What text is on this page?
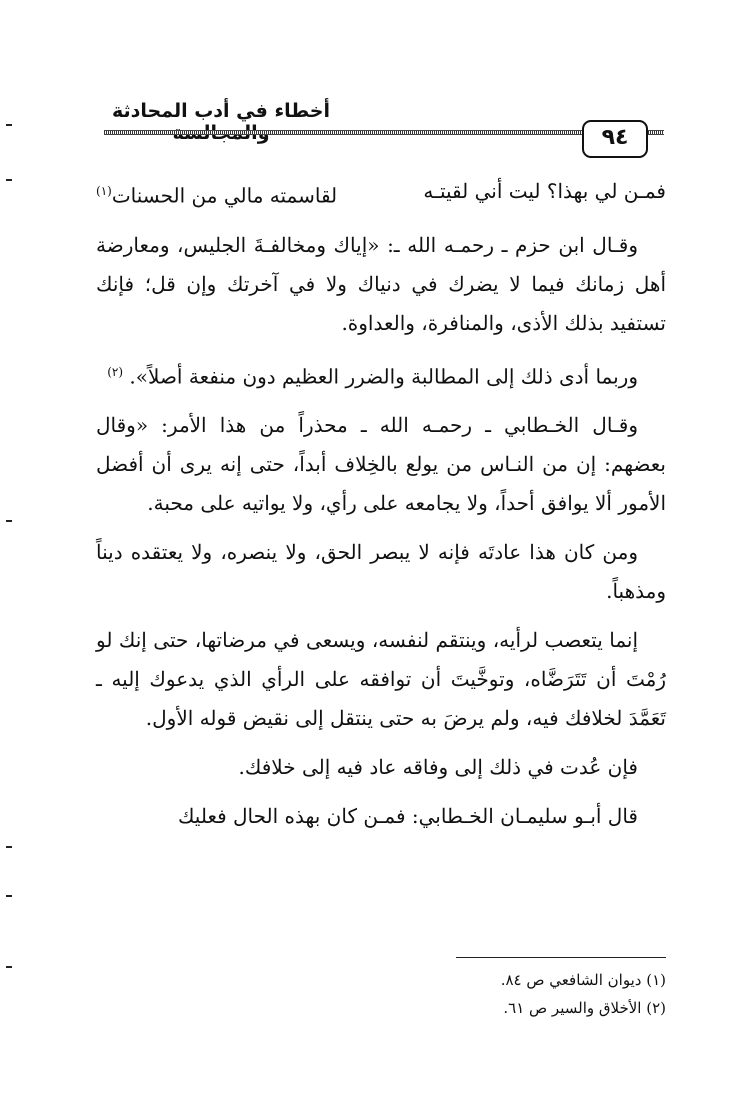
أخطاء في أدب المحادثة
٩٤

فمـن لي بهذا؟ ليت أني لقيتـه
لقاسمته مالي من الحسنات$^{(١)}$

وقـال ابن حزم ـ رحمـه الله ـ: «إياك ومخالفـةَ الجليس، ومعارضة أهل زمانك فيما لا يضرك في دنياك ولا في آخرتك وإن قل؛ فإنك تستفيد بذلك الأذى، والمنافرة، والعداوة.

وربما أدى ذلك إلى المطالبة والضرر العظيم دون منفعة أصلاً». $^{(٢)}$

وقـال الخـطابي ـ رحمـه الله ـ محذراً من هذا الأمر: «وقال بعضهم: إن من النـاس من يولع بالخِلاف أبداً، حتى إنه يرى أن أفضل الأمور ألا يوافق أحداً، ولا يجامعه على رأي، ولا يواتيه على محبة.

ومن كان هذا عادتَه فإنه لا يبصر الحق، ولا ينصره، ولا يعتقده ديناً ومذهباً.

إنما يتعصب لرأيه، وينتقم لنفسه، ويسعى في مرضاتها، حتى إنك لو رُمْتَ أن تَتَرَضَّاه، وتوخَّيتَ أن توافقه على الرأي الذي يدعوك إليه ـ تَعَمَّدَ لخلافك فيه، ولم يرضَ به حتى ينتقل إلى نقيض قوله الأول.

فإن عُدت في ذلك إلى وفاقه عاد فيه إلى خلافك.

قال أبـو سليمـان الخـطابي: فمـن كان بهذه الحال فعليك

(١) ديوان الشافعي ص ٨٤.
(٢) الأخلاق والسير ص ٦١.
